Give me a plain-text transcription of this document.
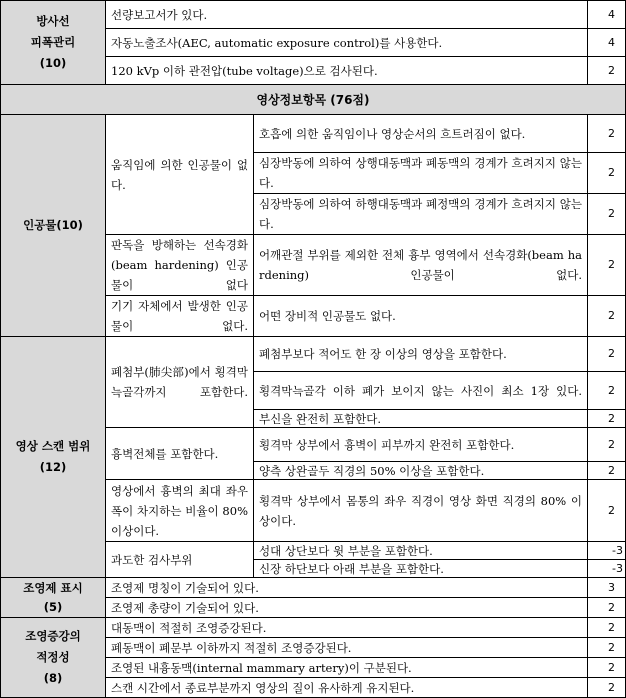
방사선
피폭관리
(10)	선량보고서가 있다.		4
	자동노출조사(AEC, automatic exposure control)를 사용한다.		4
	120 kVp 이하 관전압(tube voltage)으로 검사된다.		2
영상정보항목 (76점)			
인공물(10)	움직임에 의한 인공물이 없다.	호흡에 의한 움직임이나 영상순서의 흐트러짐이 없다.	2
		심장박동에 의하여 상행대동맥과 폐동맥의 경계가 흐려지지 않는다.	2
		심장박동에 의하여 하행대동맥과 폐정맥의 경계가 흐려지지 않는다.	2
	판독을 방해하는 선속경화(beam hardening) 인공물이 없다	어깨관절 부위를 제외한 전체 흉부 영역에서 선속경화(beam hardening) 인공물이 없다.	2
	기기 자체에서 발생한 인공물이 없다.	어떤 장비적 인공물도 없다.	2

영상 스캔 범위
(12)	폐첨부(肺尖部)에서 횡격막늑골각까지 포함한다.	폐첨부보다 적어도 한 장 이상의 영상을 포함한다.	2
		횡격막늑골각 이하 폐가 보이지 않는 사진이 최소 1장 있다.	2
		부신을 완전히 포함한다.	2
	흉벽전체를 포함한다.	횡격막 상부에서 흉벽이 피부까지 완전히 포함한다.	2
		양측 상완골두 직경의 50% 이상을 포함한다.	2
	영상에서 흉벽의 최대 좌우 폭이 차지하는 비율이 80% 이상이다.	횡격막 상부에서 몸통의 좌우 직경이 영상 화면 직경의 80% 이상이다.	2
	과도한 검사부위	성대 상단보다 윗 부분을 포함한다.	-3
		신장 하단보다 아래 부분을 포함한다.	-3

조영제 표시
(5)	조영제 명칭이 기술되어 있다.		3
	조영제 총량이 기술되어 있다.		2

조영증강의
적정성
(8)	대동맥이 적절히 조영증강된다.		2
	폐동맥이 폐문부 이하까지 적절히 조영증강된다.		2
	조영된 내흉동맥(internal mammary artery)이 구분된다.		2
	스캔 시간에서 종료부분까지 영상의 질이 유사하게 유지된다.		2
